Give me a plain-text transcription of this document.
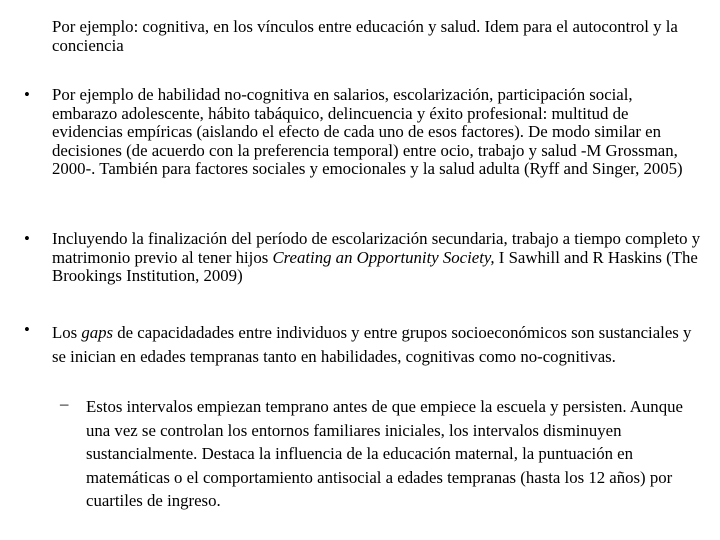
Por ejemplo: cognitiva, en los vínculos entre educación y salud. Idem para el autocontrol y la conciencia

• Por ejemplo de habilidad no-cognitiva en salarios, escolarización, participación social, embarazo adolescente, hábito tabáquico, delincuencia y éxito profesional: multitud de evidencias empíricas (aislando el efecto de cada uno de esos factores). De modo similar en decisiones (de acuerdo con la preferencia temporal) entre ocio, trabajo y salud -M Grossman, 2000-. También para factores sociales y emocionales y la salud adulta (Ryff and Singer, 2005)

• Incluyendo la finalización del período de escolarización secundaria, trabajo a tiempo completo y matrimonio previo al tener hijos Creating an Opportunity Society, I Sawhill and R Haskins (The Brookings Institution, 2009)

• Los gaps de capacidadades entre individuos y entre grupos socioeconómicos son sustanciales y se inician en edades tempranas tanto en habilidades, cognitivas como no-cognitivas.

– Estos intervalos empiezan temprano antes de que empiece la escuela y persisten. Aunque una vez se controlan los entornos familiares iniciales, los intervalos disminuyen sustancialmente. Destaca la influencia de la educación maternal, la puntuación en matemáticas o el comportamiento antisocial a edades tempranas (hasta los 12 años) por cuartiles de ingreso.
